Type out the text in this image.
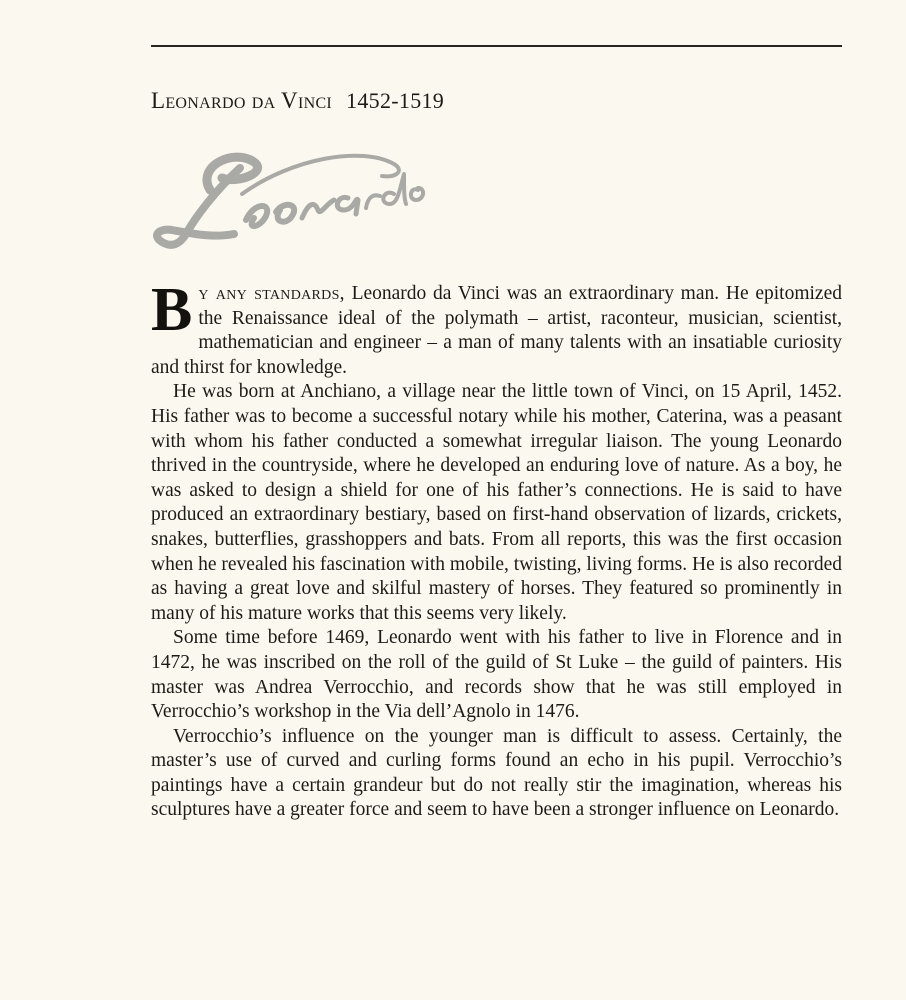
Leonardo da Vinci 1452-1519

By any standards, Leonardo da Vinci was an extraordinary man. He epitomized the Renaissance ideal of the polymath – artist, raconteur, musician, scientist, mathematician and engineer – a man of many talents with an insatiable curiosity and thirst for knowledge.

He was born at Anchiano, a village near the little town of Vinci, on 15 April, 1452. His father was to become a successful notary while his mother, Caterina, was a peasant with whom his father conducted a somewhat irregular liaison. The young Leonardo thrived in the countryside, where he developed an enduring love of nature. As a boy, he was asked to design a shield for one of his father’s connections. He is said to have produced an extraordinary bestiary, based on first-hand observation of lizards, crickets, snakes, butterflies, grasshoppers and bats. From all reports, this was the first occasion when he revealed his fascination with mobile, twisting, living forms. He is also recorded as having a great love and skilful mastery of horses. They featured so prominently in many of his mature works that this seems very likely.

Some time before 1469, Leonardo went with his father to live in Florence and in 1472, he was inscribed on the roll of the guild of St Luke – the guild of painters. His master was Andrea Verrocchio, and records show that he was still employed in Verrocchio’s workshop in the Via dell’Agnolo in 1476.

Verrocchio’s influence on the younger man is difficult to assess. Certainly, the master’s use of curved and curling forms found an echo in his pupil. Verrocchio’s paintings have a certain grandeur but do not really stir the imagination, whereas his sculptures have a greater force and seem to have been a stronger influence on Leonardo.
